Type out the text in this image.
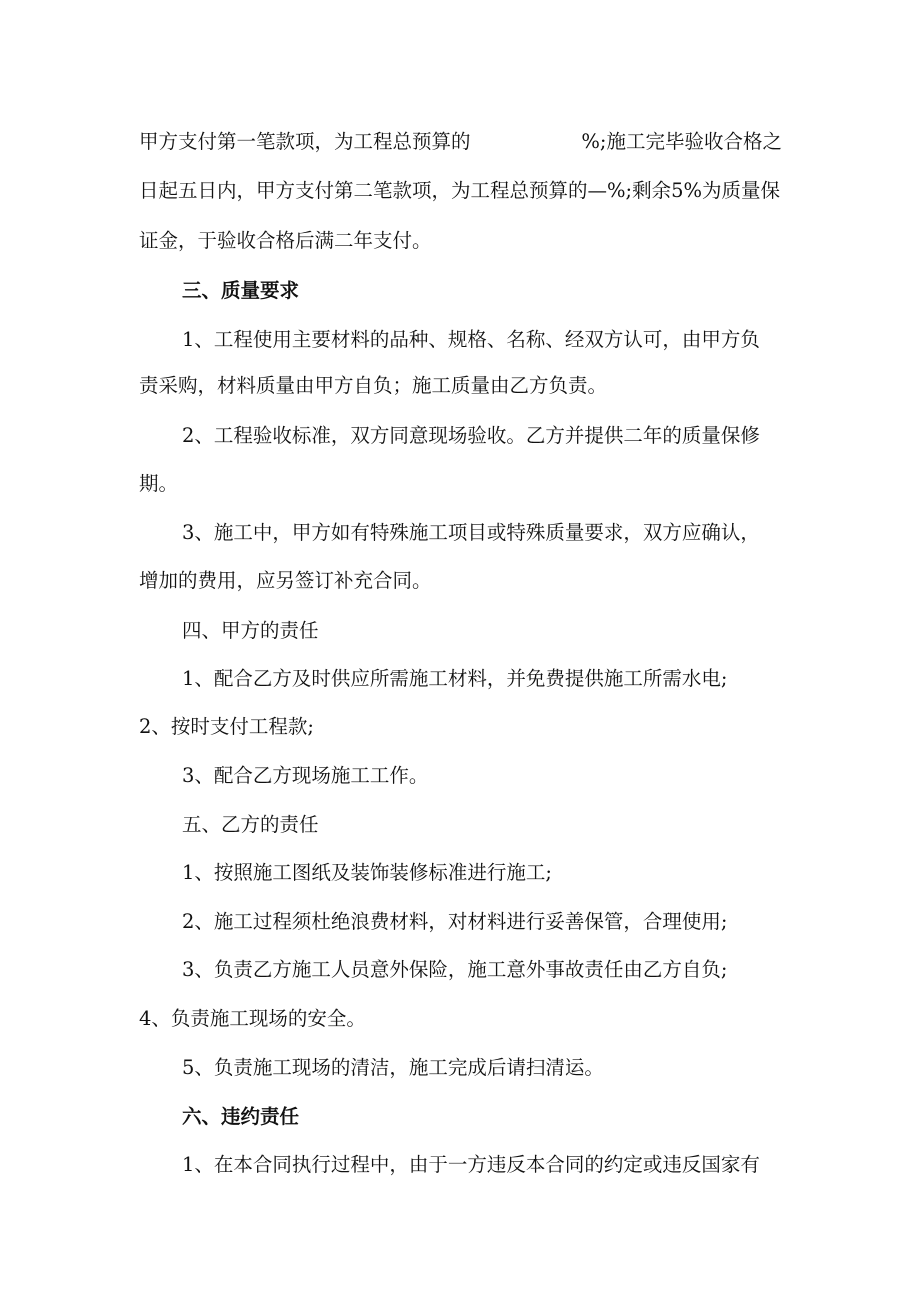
甲方支付第一笔款项，为工程总预算的	%;施工完毕验收合格之
日起五日内，甲方支付第二笔款项，为工程总预算的—%;剩余5%为质量保
证金，于验收合格后满二年支付。
三、质量要求
1、工程使用主要材料的品种、规格、名称、经双方认可，由甲方负
责采购，材料质量由甲方自负；施工质量由乙方负责。
2、工程验收标准，双方同意现场验收。乙方并提供二年的质量保修
期。
3、施工中，甲方如有特殊施工项目或特殊质量要求，双方应确认，
增加的费用，应另签订补充合同。
四、甲方的责任
1、配合乙方及时供应所需施工材料，并免费提供施工所需水电;
2、按时支付工程款;
3、配合乙方现场施工工作。
五、乙方的责任
1、按照施工图纸及装饰装修标准进行施工;
2、施工过程须杜绝浪费材料，对材料进行妥善保管，合理使用;
3、负责乙方施工人员意外保险，施工意外事故责任由乙方自负;
4、负责施工现场的安全。
5、负责施工现场的清洁，施工完成后请扫清运。
六、违约责任
1、在本合同执行过程中，由于一方违反本合同的约定或违反国家有
